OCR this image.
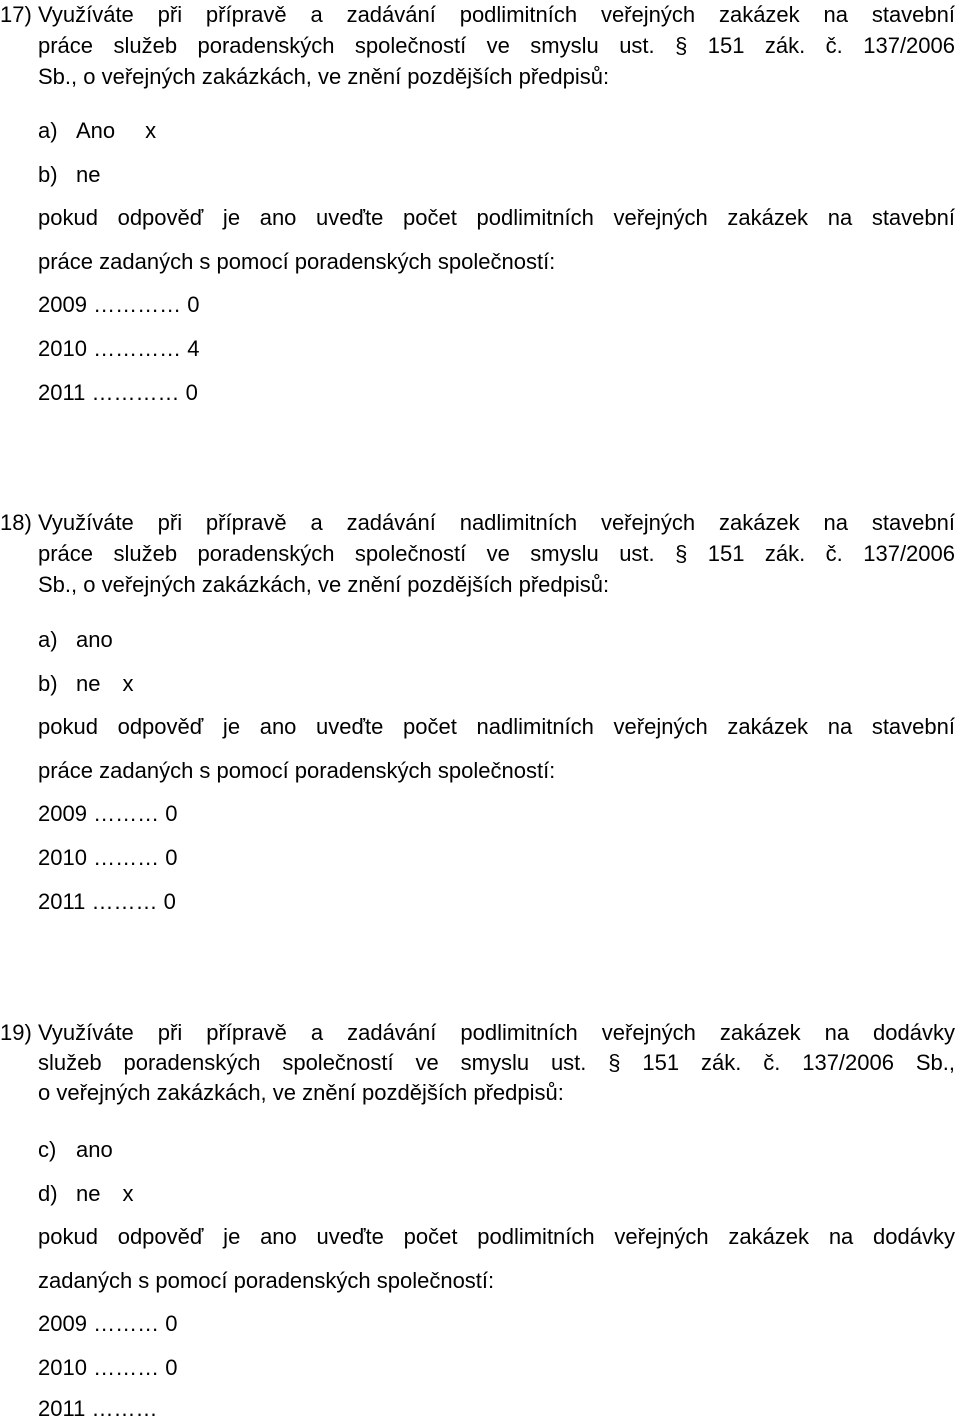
17) Využíváte při přípravě a zadávání podlimitních veřejných zakázek na stavební
práce služeb poradenských společností ve smyslu ust. § 151 zák. č. 137/2006
Sb., o veřejných zakázkách, ve znění pozdějších předpisů:
a) Ano x
b) ne
pokud odpověď je ano uveďte počet podlimitních veřejných zakázek na stavební
práce zadaných s pomocí poradenských společností:
2009 ………… 0
2010 ………… 4
2011 ………… 0
18) Využíváte při přípravě a zadávání nadlimitních veřejných zakázek na stavební
práce služeb poradenských společností ve smyslu ust. § 151 zák. č. 137/2006
Sb., o veřejných zakázkách, ve znění pozdějších předpisů:
a) ano
b) ne x
pokud odpověď je ano uveďte počet nadlimitních veřejných zakázek na stavební
práce zadaných s pomocí poradenských společností:
2009 ……… 0
2010 ……… 0
2011 ……… 0
19) Využíváte při přípravě a zadávání podlimitních veřejných zakázek na dodávky
služeb poradenských společností ve smyslu ust. § 151 zák. č. 137/2006 Sb.,
o veřejných zakázkách, ve znění pozdějších předpisů:
c) ano
d) ne x
pokud odpověď je ano uveďte počet podlimitních veřejných zakázek na dodávky
zadaných s pomocí poradenských společností:
2009 ……… 0
2010 ……… 0
2011 ………
